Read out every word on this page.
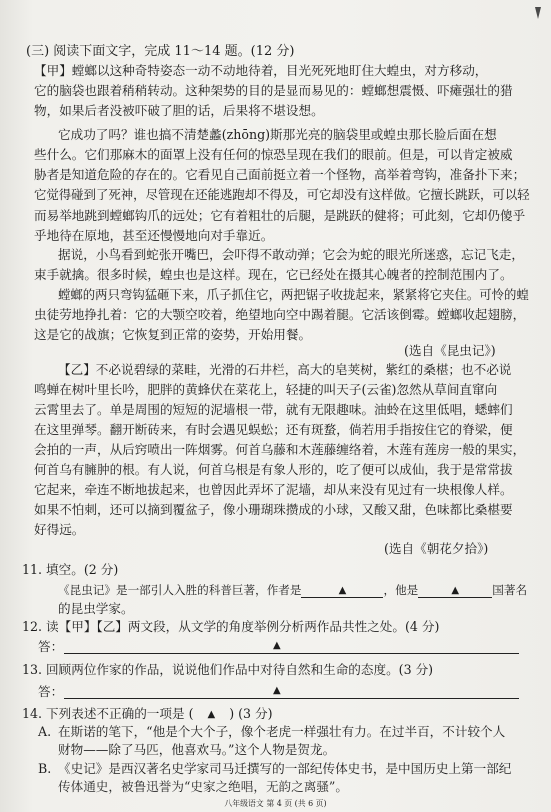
(三) 阅读下面文字，完成 11～14 题。(12 分)
【甲】螳螂以这种奇特姿态一动不动地待着，目光死死地盯住大蝗虫，对方移动，
它的脑袋也跟着稍稍转动。这种架势的目的是显而易见的：螳螂想震慑、吓瘫强壮的猎
物，如果后者没被吓破了胆的话，后果将不堪设想。
它成功了吗？谁也搞不清楚蠡(zhōng)斯那光亮的脑袋里或蝗虫那长脸后面在想
些什么。它们那麻木的面罩上没有任何的惊恐呈现在我们的眼前。但是，可以肯定被威
胁者是知道危险的存在的。它看见自己面前挺立着一个怪物，高举着弯钩，准备扑下来；
它觉得碰到了死神，尽管现在还能逃跑却不得及，可它却没有这样做。它擅长跳跃，可以轻
而易举地跳到螳螂钩爪的远处；它有着粗壮的后腿，是跳跃的健将；可此刻，它却仍傻乎
乎地待在原地，甚至还慢慢地向对手靠近。
据说，小鸟看到蛇张开嘴巴，会吓得不敢动弹；它会为蛇的眼光所迷惑，忘记飞走，
束手就擒。很多时候，蝗虫也是这样。现在，它已经处在摄其心魄者的控制范围内了。
螳螂的两只弯钩猛砸下来，爪子抓住它，两把锯子收拢起来，紧紧将它夹住。可怜的蝗
虫徒劳地挣扎着：它的大颚空咬着，绝望地向空中踢着腿。它活该倒霉。螳螂收起翅膀，
这是它的战旗；它恢复到正常的姿势，开始用餐。
(选自《昆虫记》)
【乙】不必说碧绿的菜畦，光滑的石井栏，高大的皂荚树，紫红的桑椹；也不必说
鸣蝉在树叶里长吟，肥胖的黄蜂伏在菜花上，轻捷的叫天子(云雀)忽然从草间直窜向
云霄里去了。单是周围的短短的泥墙根一带，就有无限趣味。油蛉在这里低唱，蟋蟀们
在这里弹琴。翻开断砖来，有时会遇见蜈蚣；还有斑蝥，倘若用手指按住它的脊梁，便
会拍的一声，从后窍喷出一阵烟雾。何首乌藤和木莲藤缠络着，木莲有莲房一般的果实，
何首乌有臃肿的根。有人说，何首乌根是有象人形的，吃了便可以成仙，我于是常常拔
它起来，牵连不断地拔起来，也曾因此弄坏了泥墙，却从来没有见过有一块根像人样。
如果不怕刺，还可以摘到覆盆子，像小珊瑚珠攒成的小球，又酸又甜，色味都比桑椹要
好得远。
(选自《朝花夕拾》)
11. 填空。(2 分)
《昆虫记》是一部引人入胜的科普巨著，作者是	▲	，他是	▲	国著名
的昆虫学家。
12. 读【甲】【乙】两文段，从文学的角度举例分析两作品共性之处。(4 分)
答：	▲
13. 回顾两位作家的作品，说说他们作品中对待自然和生命的态度。(3 分)
答：	▲
14. 下列表述不正确的一项是 ( ▲ ) (3 分)
A. 在斯诺的笔下，“他是个大个子，像个老虎一样强壮有力。在过半百，不计较个人
财物——除了马匹，他喜欢马。”这个人物是贺龙。
B. 《史记》是西汉著名史学家司马迁撰写的一部纪传体史书，是中国历史上第一部纪
传体通史，被鲁迅誉为“史家之绝唱，无韵之离骚”。
八年级语文 第 4 页 (共 6 页)
